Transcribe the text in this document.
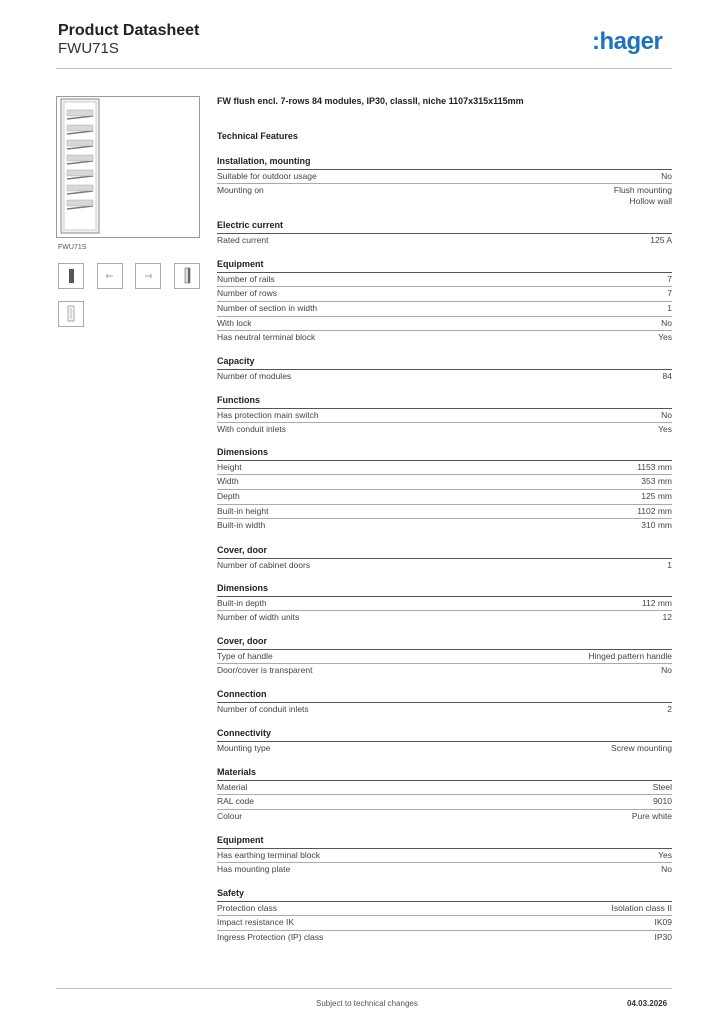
Product Datasheet
FWU71S	:hager
FWU71S
FW flush encl. 7-rows 84 modules, IP30, classII, niche 1107x315x115mm
Technical Features
Installation, mounting
Suitable for outdoor usage	No
Mounting on	Flush mounting
Hollow wall
Electric current
Rated current	125 A
Equipment
Number of rails	7
Number of rows	7
Number of section in width	1
With lock	No
Has neutral terminal block	Yes
Capacity
Number of modules	84
Functions
Has protection main switch	No
With conduit inlets	Yes
Dimensions
Height	1153 mm
Width	353 mm
Depth	125 mm
Built-in height	1102 mm
Built-in width	310 mm
Cover, door
Number of cabinet doors	1
Dimensions
Built-in depth	112 mm
Number of width units	12
Cover, door
Type of handle	Hinged pattern handle
Door/cover is transparent	No
Connection
Number of conduit inlets	2
Connectivity
Mounting type	Screw mounting
Materials
Material	Steel
RAL code	9010
Colour	Pure white
Equipment
Has earthing terminal block	Yes
Has mounting plate	No
Safety
Protection class	Isolation class II
Impact resistance IK	IK09
Ingress Protection (IP) class	IP30
Subject to technical changes	04.03.2026
